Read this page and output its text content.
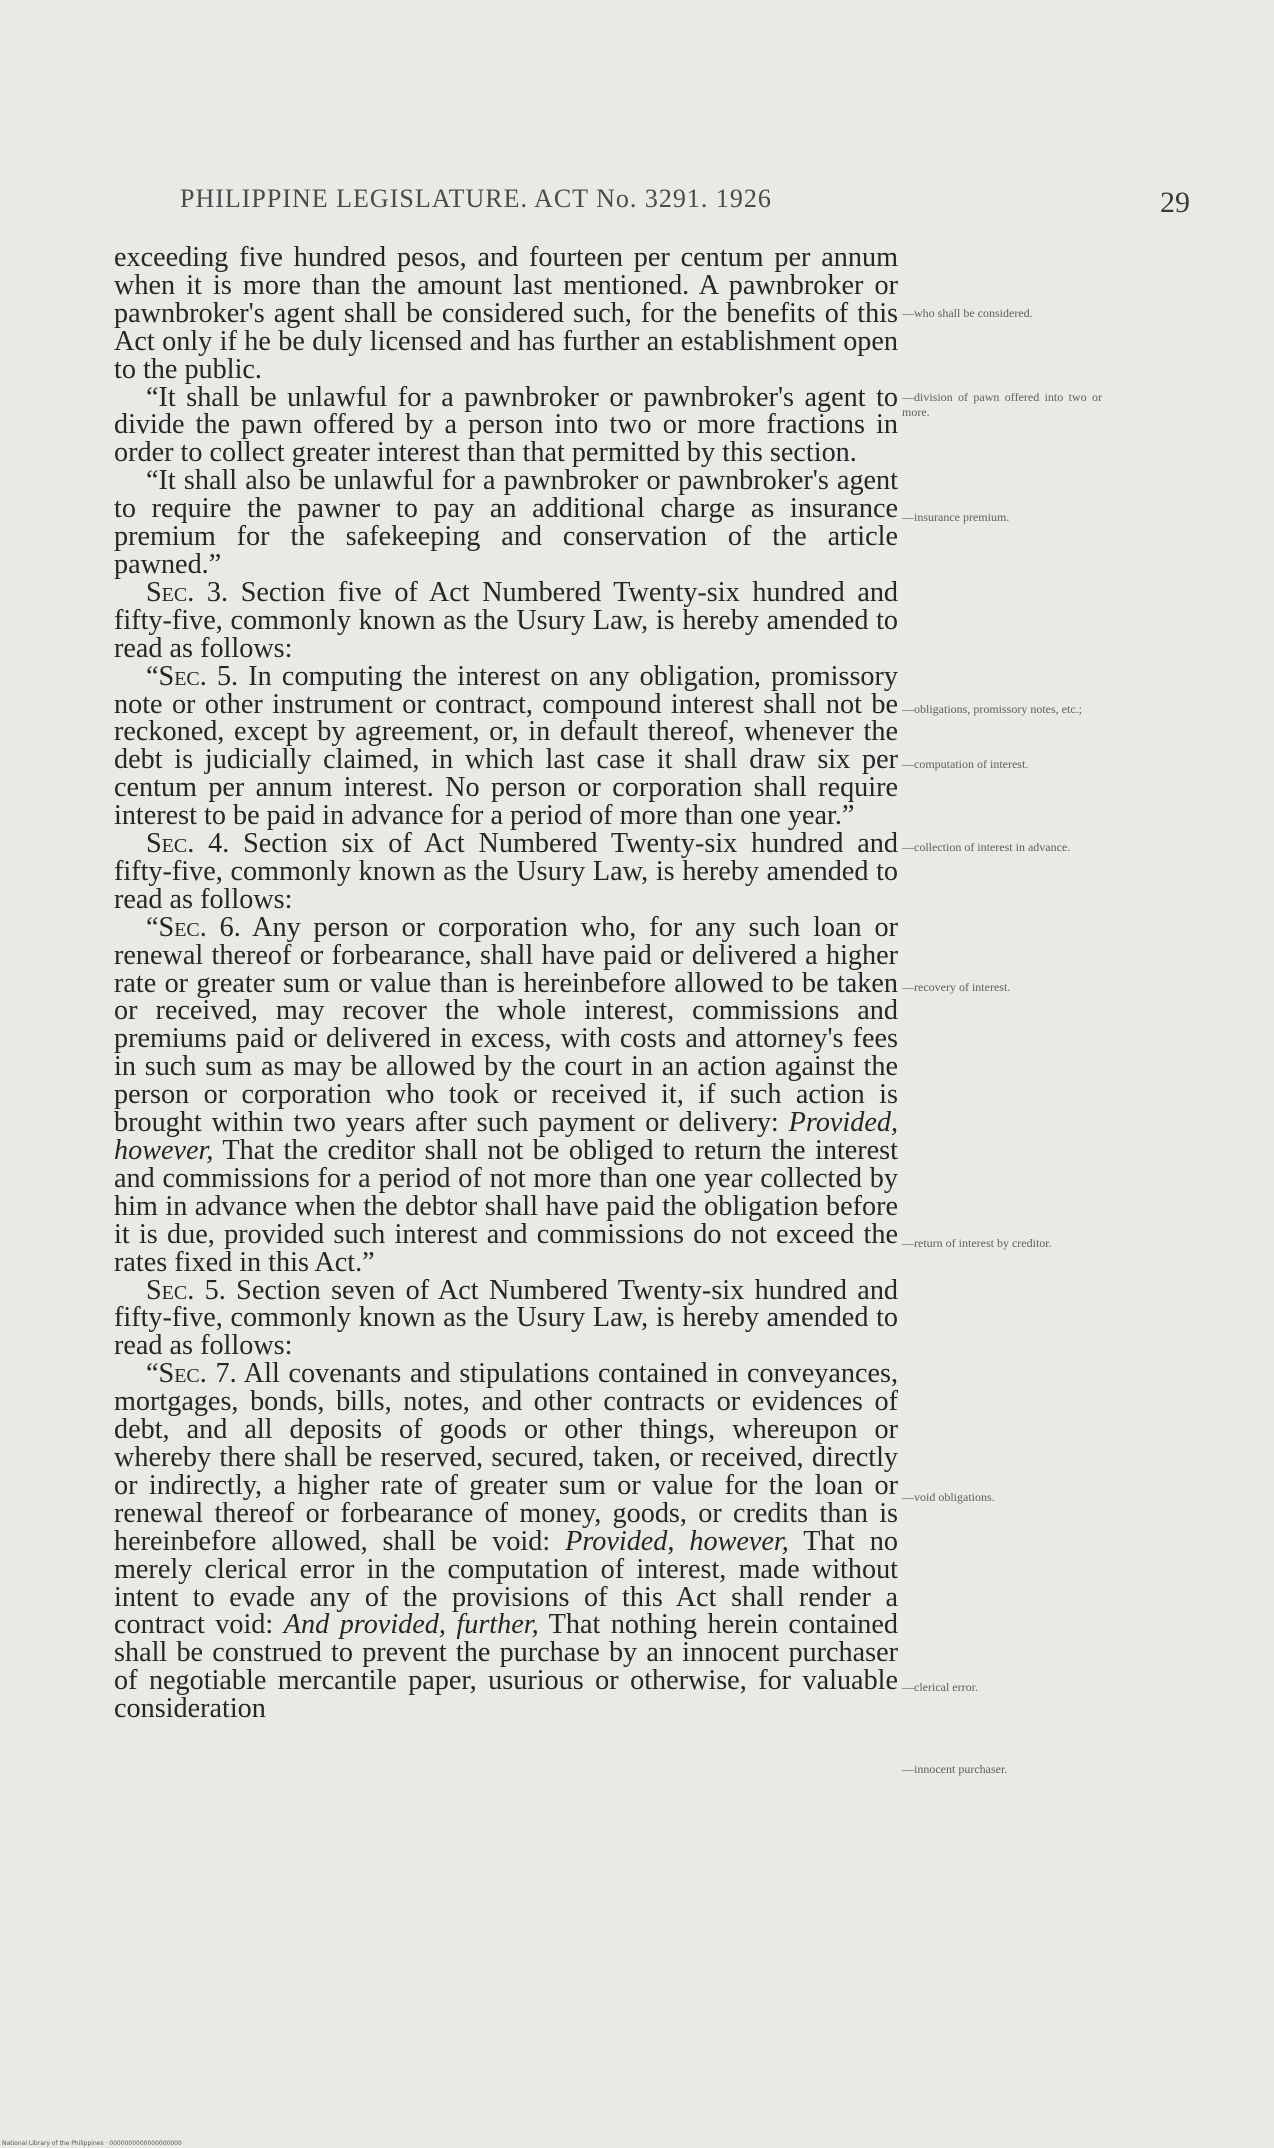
PHILIPPINE LEGISLATURE. ACT No. 3291. 1926	29

exceeding five hundred pesos, and fourteen per centum per annum when it is more than the amount last mentioned. A pawnbroker or pawnbroker's agent shall be considered such, for the benefits of this Act only if he be duly licensed and has further an establishment open to the public.

“It shall be unlawful for a pawnbroker or pawnbroker's agent to divide the pawn offered by a person into two or more fractions in order to collect greater interest than that permitted by this section.

“It shall also be unlawful for a pawnbroker or pawnbroker's agent to require the pawner to pay an additional charge as insurance premium for the safekeeping and conservation of the article pawned.”

Sec. 3. Section five of Act Numbered Twenty-six hundred and fifty-five, commonly known as the Usury Law, is hereby amended to read as follows:

“Sec. 5. In computing the interest on any obligation, promissory note or other instrument or contract, compound interest shall not be reckoned, except by agreement, or, in default thereof, whenever the debt is judicially claimed, in which last case it shall draw six per centum per annum interest. No person or corporation shall require interest to be paid in advance for a period of more than one year.”

Sec. 4. Section six of Act Numbered Twenty-six hundred and fifty-five, commonly known as the Usury Law, is hereby amended to read as follows:

“Sec. 6. Any person or corporation who, for any such loan or renewal thereof or forbearance, shall have paid or delivered a higher rate or greater sum or value than is hereinbefore allowed to be taken or received, may recover the whole interest, commissions and premiums paid or delivered in excess, with costs and attorney's fees in such sum as may be allowed by the court in an action against the person or corporation who took or received it, if such action is brought within two years after such payment or delivery: Provided, however, That the creditor shall not be obliged to return the interest and commissions for a period of not more than one year collected by him in advance when the debtor shall have paid the obligation before it is due, provided such interest and commissions do not exceed the rates fixed in this Act.”

Sec. 5. Section seven of Act Numbered Twenty-six hundred and fifty-five, commonly known as the Usury Law, is hereby amended to read as follows:

“Sec. 7. All covenants and stipulations contained in conveyances, mortgages, bonds, bills, notes, and other contracts or evidences of debt, and all deposits of goods or other things, whereupon or whereby there shall be reserved, secured, taken, or received, directly or indirectly, a higher rate of greater sum or value for the loan or renewal thereof or forbearance of money, goods, or credits than is hereinbefore allowed, shall be void: Provided, however, That no merely clerical error in the computation of interest, made without intent to evade any of the provisions of this Act shall render a contract void: And provided, further, That nothing herein contained shall be construed to prevent the purchase by an innocent purchaser of negotiable mercantile paper, usurious or otherwise, for valuable consideration

—who shall be considered.
—division of pawn offered into two or more.
—insurance premium.
—obligations, promissory notes, etc.;
—computation of interest.
—collection of interest in advance.
—recovery of interest.
—return of interest by creditor.
—void obligations.
—clerical error.
—innocent purchaser.
National Library of the Philippines · 0000000000000000000
